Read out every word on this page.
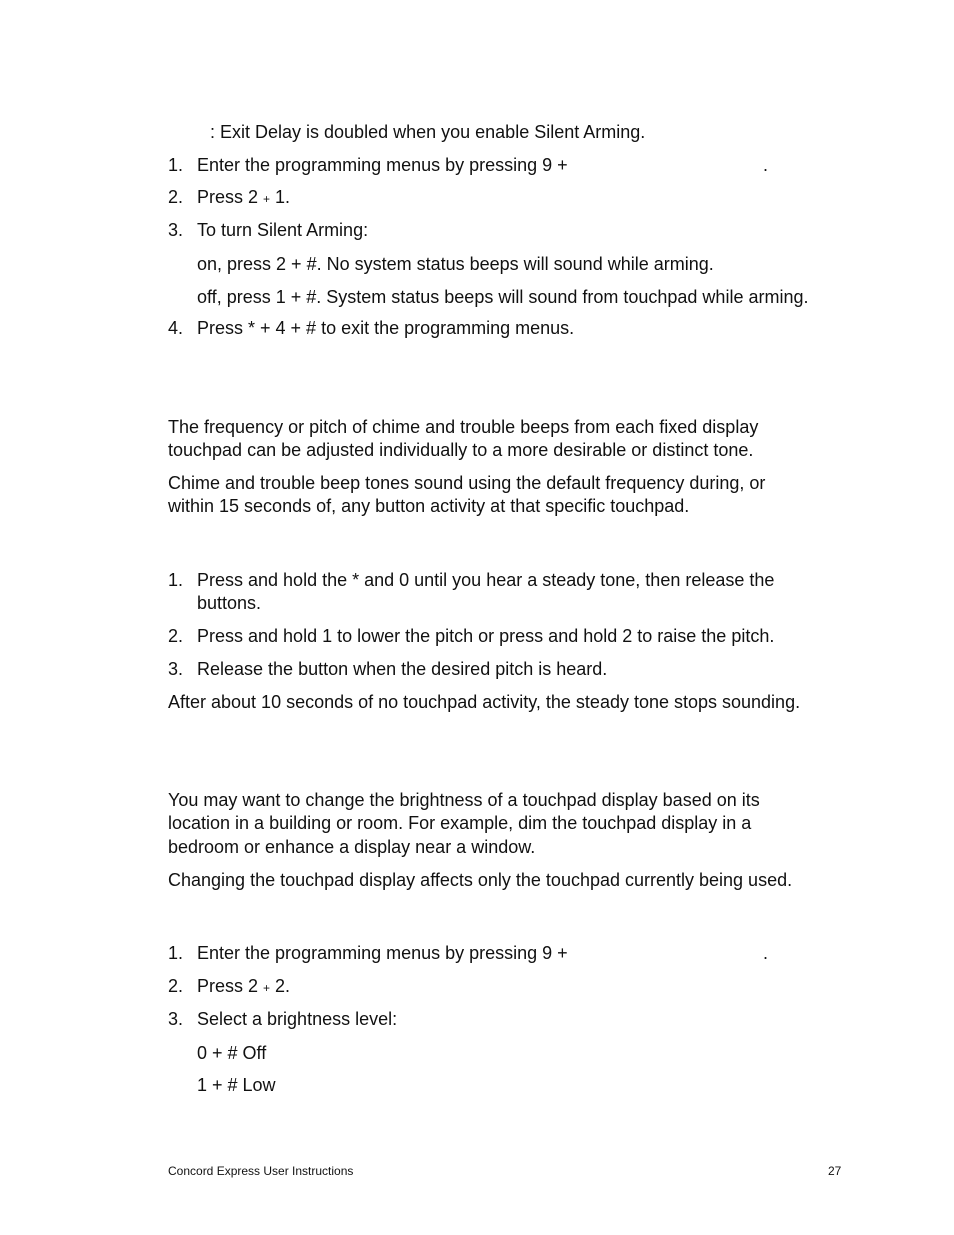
: Exit Delay is doubled when you enable Silent Arming.

1. Enter the programming menus by pressing 9 +	.
2. Press 2 + 1.

3. To turn Silent Arming:

on, press 2 + #. No system status beeps will sound while arming.

off, press 1 + #. System status beeps will sound from touchpad while arming.

4. Press * + 4 + # to exit the programming menus.

The frequency or pitch of chime and trouble beeps from each fixed display

touchpad can be adjusted individually to a more desirable or distinct tone.

Chime and trouble beep tones sound using the default frequency during, or

within 15 seconds of, any button activity at that specific touchpad.

1. Press and hold the * and 0 until you hear a steady tone, then release the

buttons.

2. Press and hold 1 to lower the pitch or press and hold 2 to raise the pitch.

3. Release the button when the desired pitch is heard.

After about 10 seconds of no touchpad activity, the steady tone stops sounding.

You may want to change the brightness of a touchpad display based on its

location in a building or room. For example, dim the touchpad display in a

bedroom or enhance a display near a window.

Changing the touchpad display affects only the touchpad currently being used.

1. Enter the programming menus by pressing 9 +	.
2. Press 2 + 2.

3. Select a brightness level:

0 + # Off

1 + # Low

Concord Express User Instructions	27
